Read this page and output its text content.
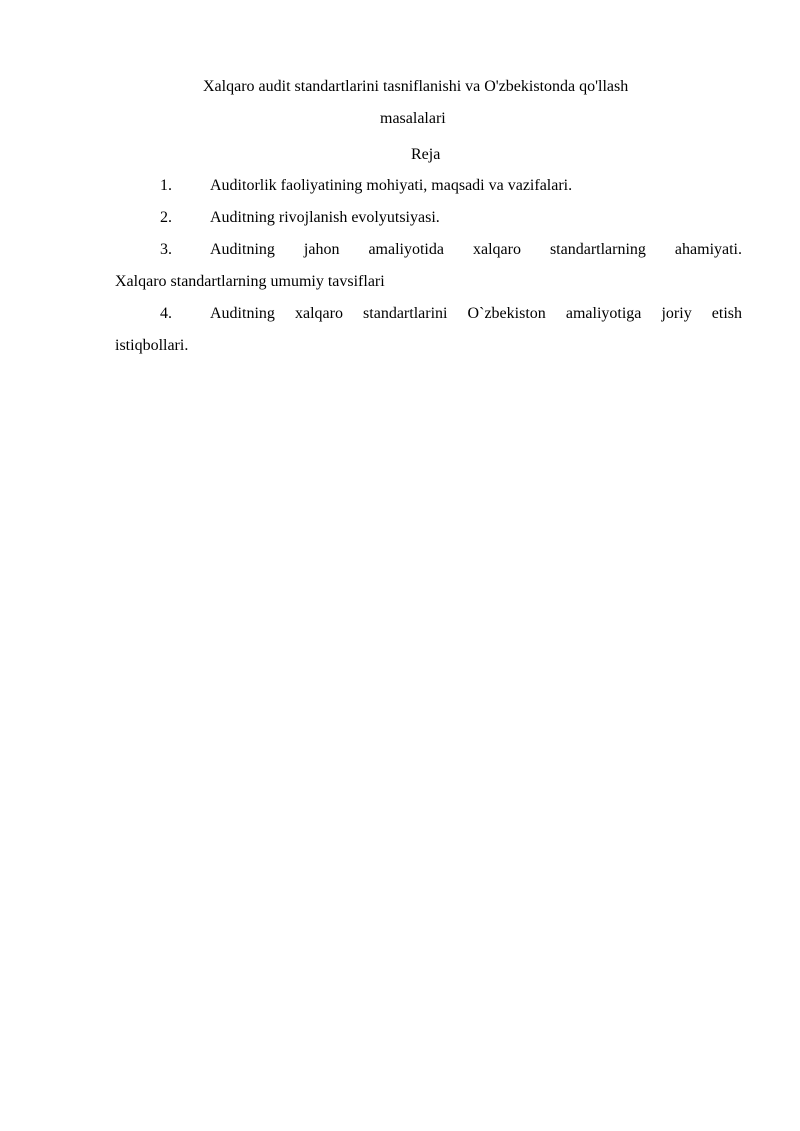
Xalqaro audit standartlarini tasniflanishi va O'zbekistonda qo'llash
masalalari
Reja
1. Auditorlik faoliyatining mohiyati, maqsadi va vazifalari.
2. Auditning rivojlanish evolyutsiyasi.
3. Auditning jahon amaliyotida xalqaro standartlarning ahamiyati.
Xalqaro standartlarning umumiy tavsiflari
4. Auditning xalqaro standartlarini O`zbekiston amaliyotiga joriy etish
istiqbollari.
